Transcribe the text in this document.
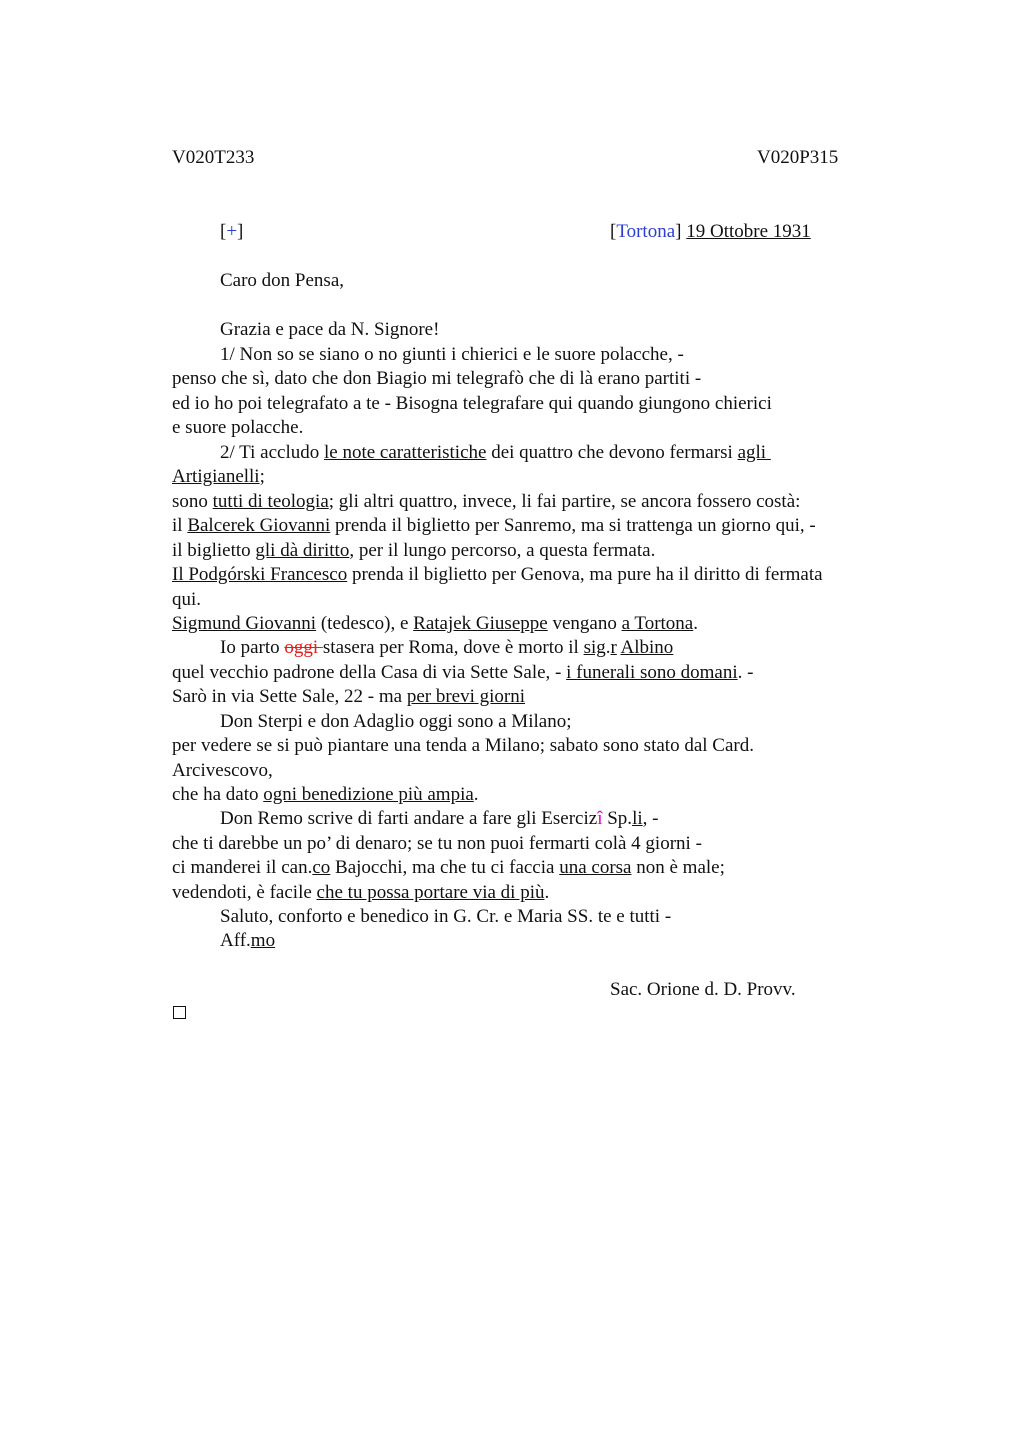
V020T233	V020P315
[+]	[Tortona] 19 Ottobre 1931
Caro don Pensa,
Grazia e pace da N. Signore!
1/ Non so se siano o no giunti i chierici e le suore polacche, -
penso che sì, dato che don Biagio mi telegrafò che di là erano partiti -
ed io ho poi telegrafato a te - Bisogna telegrafare qui quando giungono chierici
e suore polacche.
2/ Ti accludo le note caratteristiche dei quattro che devono fermarsi agli
Artigianelli;
sono tutti di teologia; gli altri quattro, invece, li fai partire, se ancora fossero costà:
il Balcerek Giovanni prenda il biglietto per Sanremo, ma si trattenga un giorno qui, -
il biglietto gli dà diritto, per il lungo percorso, a questa fermata.
Il Podgórski Francesco prenda il biglietto per Genova, ma pure ha il diritto di fermata
qui.
Sigmund Giovanni (tedesco), e Ratajek Giuseppe vengano a Tortona.
Io parto oggi stasera per Roma, dove è morto il sig.r Albino
quel vecchio padrone della Casa di via Sette Sale, - i funerali sono domani. -
Sarò in via Sette Sale, 22 - ma per brevi giorni
Don Sterpi e don Adaglio oggi sono a Milano;
per vedere se si può piantare una tenda a Milano; sabato sono stato dal Card.
Arcivescovo,
che ha dato ogni benedizione più ampia.
Don Remo scrive di farti andare a fare gli Esercizî Sp.li, -
che ti darebbe un po’ di denaro; se tu non puoi fermarti colà 4 giorni -
ci manderei il can.co Bajocchi, ma che tu ci faccia una corsa non è male;
vedendoti, è facile che tu possa portare via di più.
Saluto, conforto e benedico in G. Cr. e Maria SS. te e tutti -
Aff.mo
Sac. Orione d. D. Provv.
